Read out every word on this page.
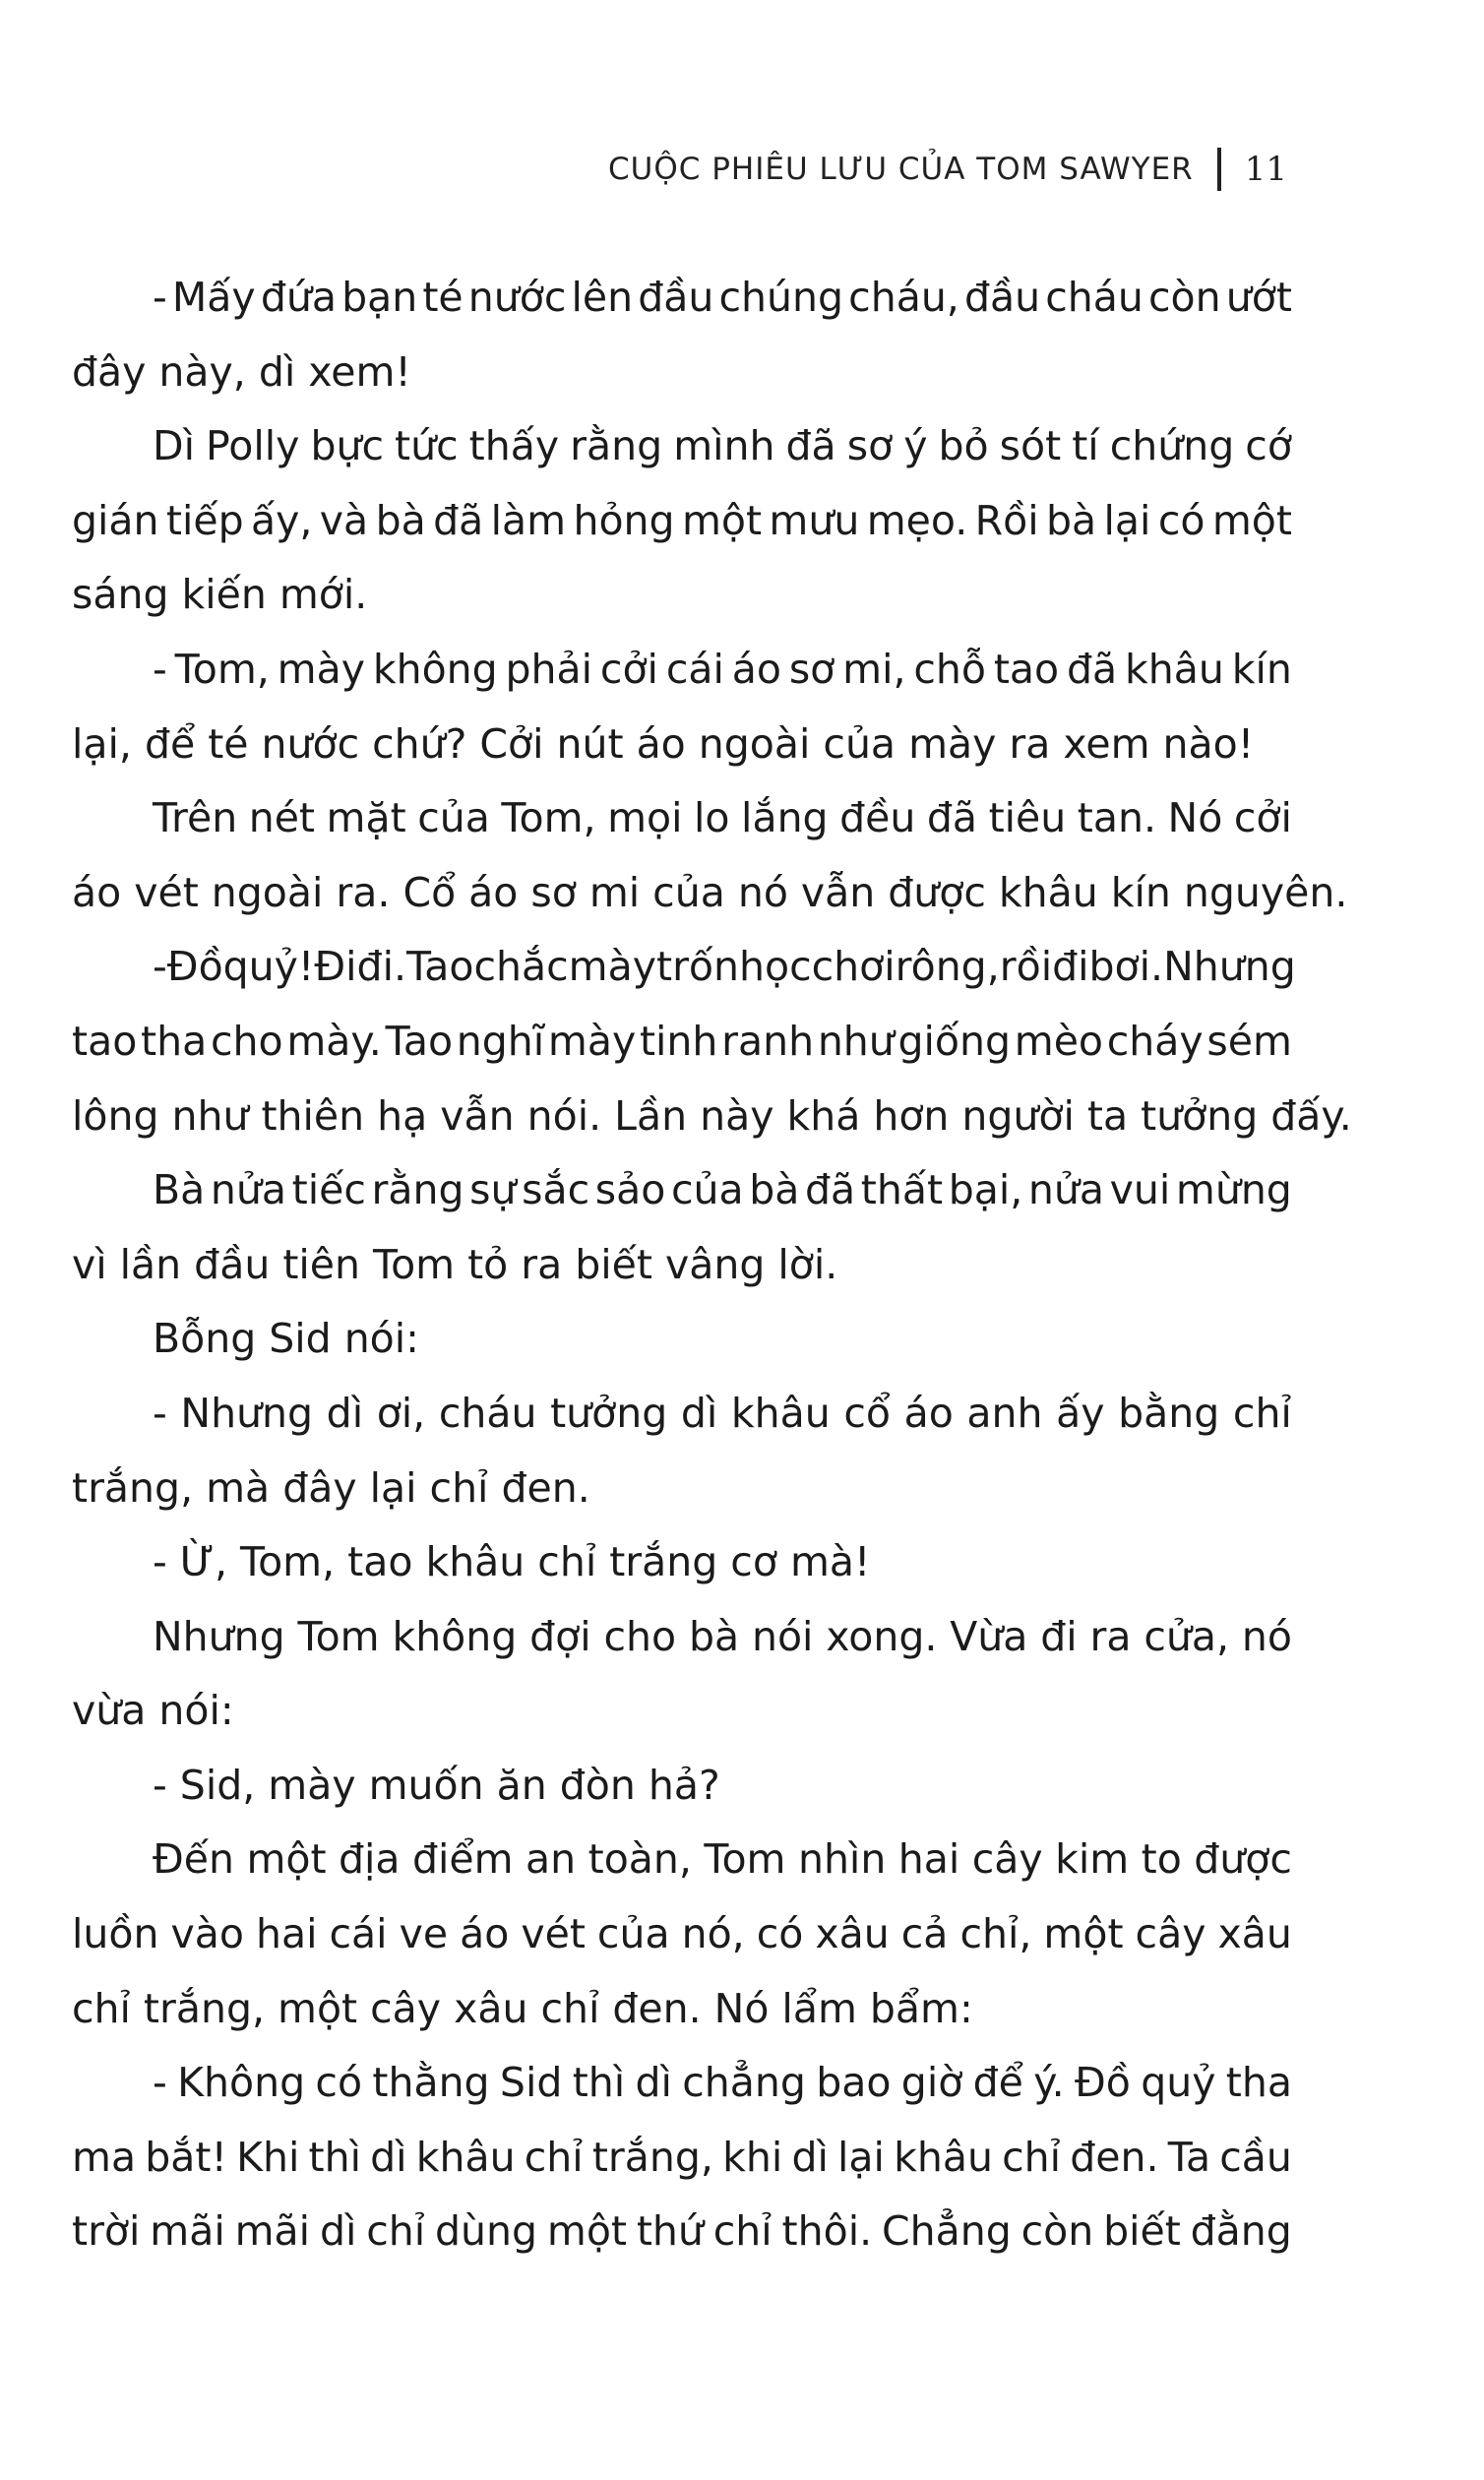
CUỘC PHIÊU LƯU CỦA TOM SAWYER 11
- Mấy đứa bạn té nước lên đầu chúng cháu, đầu cháu còn ướt
đây này, dì xem!
Dì Polly bực tức thấy rằng mình đã sơ ý bỏ sót tí chứng cớ
gián tiếp ấy, và bà đã làm hỏng một mưu mẹo. Rồi bà lại có một
sáng kiến mới.
- Tom, mày không phải cởi cái áo sơ mi, chỗ tao đã khâu kín
lại, để té nước chứ? Cởi nút áo ngoài của mày ra xem nào!
Trên nét mặt của Tom, mọi lo lắng đều đã tiêu tan. Nó cởi
áo vét ngoài ra. Cổ áo sơ mi của nó vẫn được khâu kín nguyên.
- Đồ quỷ! Đi đi. Tao chắc mày trốn học chơi rông, rồi đi bơi. Nhưng
tao tha cho mày. Tao nghĩ mày tinh ranh như giống mèo cháy sém
lông như thiên hạ vẫn nói. Lần này khá hơn người ta tưởng đấy.
Bà nửa tiếc rằng sự sắc sảo của bà đã thất bại, nửa vui mừng
vì lần đầu tiên Tom tỏ ra biết vâng lời.
Bỗng Sid nói:
- Nhưng dì ơi, cháu tưởng dì khâu cổ áo anh ấy bằng chỉ
trắng, mà đây lại chỉ đen.
- Ừ, Tom, tao khâu chỉ trắng cơ mà!
Nhưng Tom không đợi cho bà nói xong. Vừa đi ra cửa, nó
vừa nói:
- Sid, mày muốn ăn đòn hả?
Đến một địa điểm an toàn, Tom nhìn hai cây kim to được
luồn vào hai cái ve áo vét của nó, có xâu cả chỉ, một cây xâu
chỉ trắng, một cây xâu chỉ đen. Nó lẩm bẩm:
- Không có thằng Sid thì dì chẳng bao giờ để ý. Đồ quỷ tha
ma bắt! Khi thì dì khâu chỉ trắng, khi dì lại khâu chỉ đen. Ta cầu
trời mãi mãi dì chỉ dùng một thứ chỉ thôi. Chẳng còn biết đằng
